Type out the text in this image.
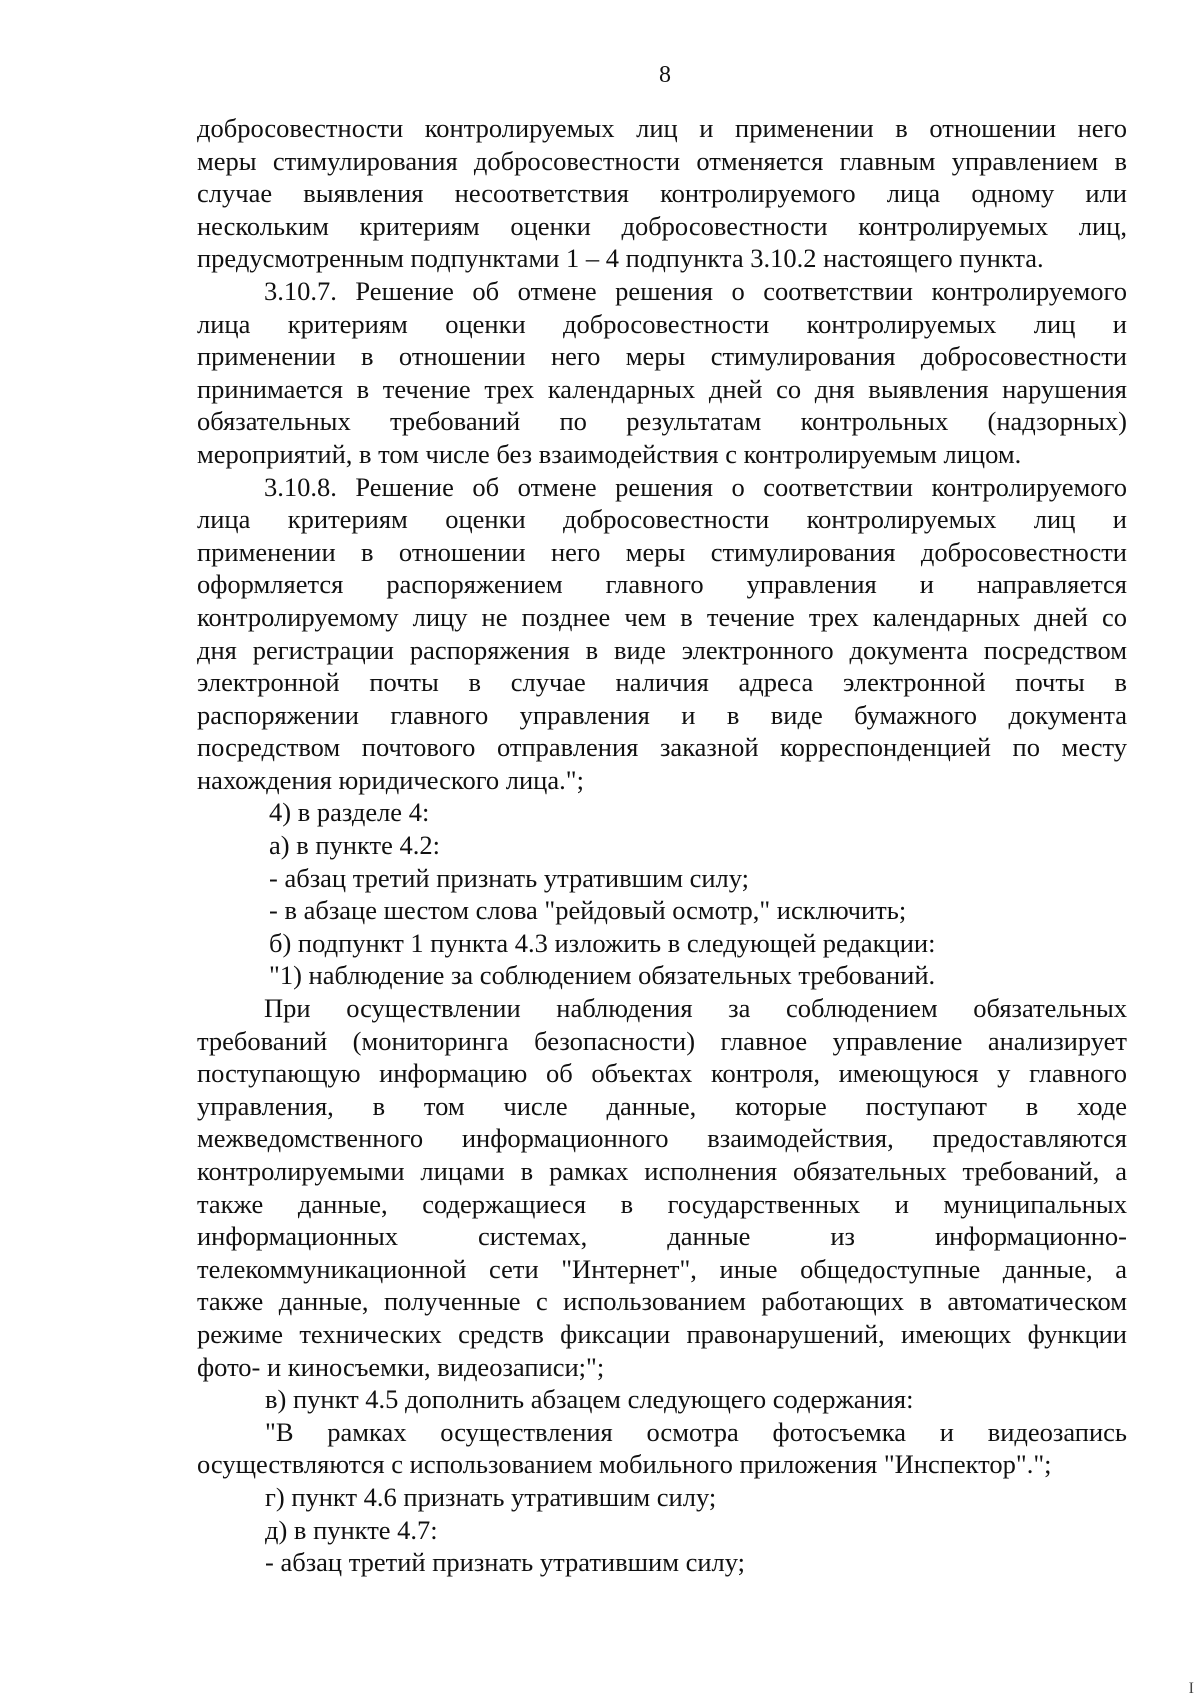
8

добросовестности контролируемых лиц и применении в отношении него

меры стимулирования добросовестности отменяется главным управлением в

случае выявления несоответствия контролируемого лица одному или

нескольким критериям оценки добросовестности контролируемых лиц,

предусмотренным подпунктами 1 – 4 подпункта 3.10.2 настоящего пункта.

3.10.7. Решение об отмене решения о соответствии контролируемого

лица критериям оценки добросовестности контролируемых лиц и

применении в отношении него меры стимулирования добросовестности

принимается в течение трех календарных дней со дня выявления нарушения

обязательных требований по результатам контрольных (надзорных)

мероприятий, в том числе без взаимодействия с контролируемым лицом.

3.10.8. Решение об отмене решения о соответствии контролируемого

лица критериям оценки добросовестности контролируемых лиц и

применении в отношении него меры стимулирования добросовестности

оформляется распоряжением главного управления и направляется

контролируемому лицу не позднее чем в течение трех календарных дней со

дня регистрации распоряжения в виде электронного документа посредством

электронной почты в случае наличия адреса электронной почты в

распоряжении главного управления и в виде бумажного документа

посредством почтового отправления заказной корреспонденцией по месту

нахождения юридического лица.";

4) в разделе 4:

а) в пункте 4.2:

- абзац третий признать утратившим силу;

- в абзаце шестом слова "рейдовый осмотр," исключить;

б) подпункт 1 пункта 4.3 изложить в следующей редакции:

"1) наблюдение за соблюдением обязательных требований.

При осуществлении наблюдения за соблюдением обязательных

требований (мониторинга безопасности) главное управление анализирует

поступающую информацию об объектах контроля, имеющуюся у главного

управления, в том числе данные, которые поступают в ходе

межведомственного информационного взаимодействия, предоставляются

контролируемыми лицами в рамках исполнения обязательных требований, а

также данные, содержащиеся в государственных и муниципальных

информационных системах, данные из информационно-

телекоммуникационной сети "Интернет", иные общедоступные данные, а

также данные, полученные с использованием работающих в автоматическом

режиме технических средств фиксации правонарушений, имеющих функции

фото- и киносъемки, видеозаписи;";

в) пункт 4.5 дополнить абзацем следующего содержания:

"В рамках осуществления осмотра фотосъемка и видеозапись

осуществляются с использованием мобильного приложения "Инспектор".";

г) пункт 4.6 признать утратившим силу;

д) в пункте 4.7:

- абзац третий признать утратившим силу;

I
